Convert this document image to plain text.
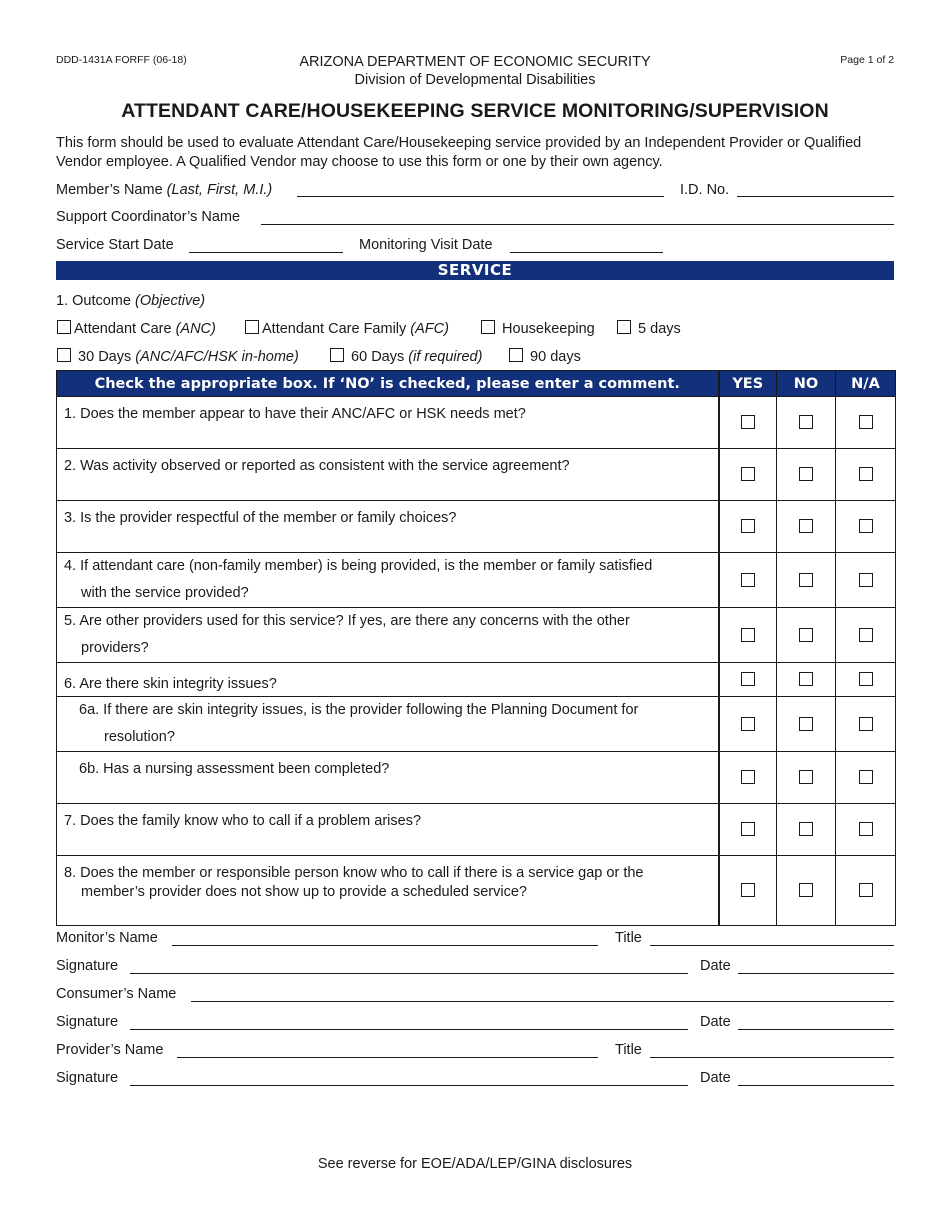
DDD-1431A FORFF (06-18)	ARIZONA DEPARTMENT OF ECONOMIC SECURITY
Division of Developmental Disabilities
Page 1 of 2
ATTENDANT CARE/HOUSEKEEPING SERVICE MONITORING/SUPERVISION
This form should be used to evaluate Attendant Care/Housekeeping service provided by an Independent Provider or Qualified Vendor employee. A Qualified Vendor may choose to use this form or one by their own agency.
Member’s Name (Last, First, M.I.)	I.D. No.
Support Coordinator’s Name
Service Start Date	Monitoring Visit Date
SERVICE
1. Outcome (Objective)
Attendant Care (ANC)	Attendant Care Family (AFC)	Housekeeping	5 days
30 Days (ANC/AFC/HSK in-home)	60 Days (if required)	90 days
Check the appropriate box. If ‘NO’ is checked, please enter a comment.	YES	NO	N/A

1. Does the member appear to have their ANC/AFC or HSK needs met?			

2. Was activity observed or reported as consistent with the service agreement?			

3. Is the provider respectful of the member or family choices?			

4. If attendant care (non-family member) is being provided, is the member or family satisfied
with the service provided?			

5. Are other providers used for this service? If yes, are there any concerns with the other
providers?			

6. Are there skin integrity issues?			

6a. If there are skin integrity issues, is the provider following the Planning Document for
resolution?			

6b. Has a nursing assessment been completed?			

7. Does the family know who to call if a problem arises?			

8. Does the member or responsible person know who to call if there is a service gap or the
member’s provider does not show up to provide a scheduled service?			

Monitor’s Name	Title
Signature	Date
Consumer’s Name
Signature	Date
Provider’s Name	Title
Signature	Date
See reverse for EOE/ADA/LEP/GINA disclosures
